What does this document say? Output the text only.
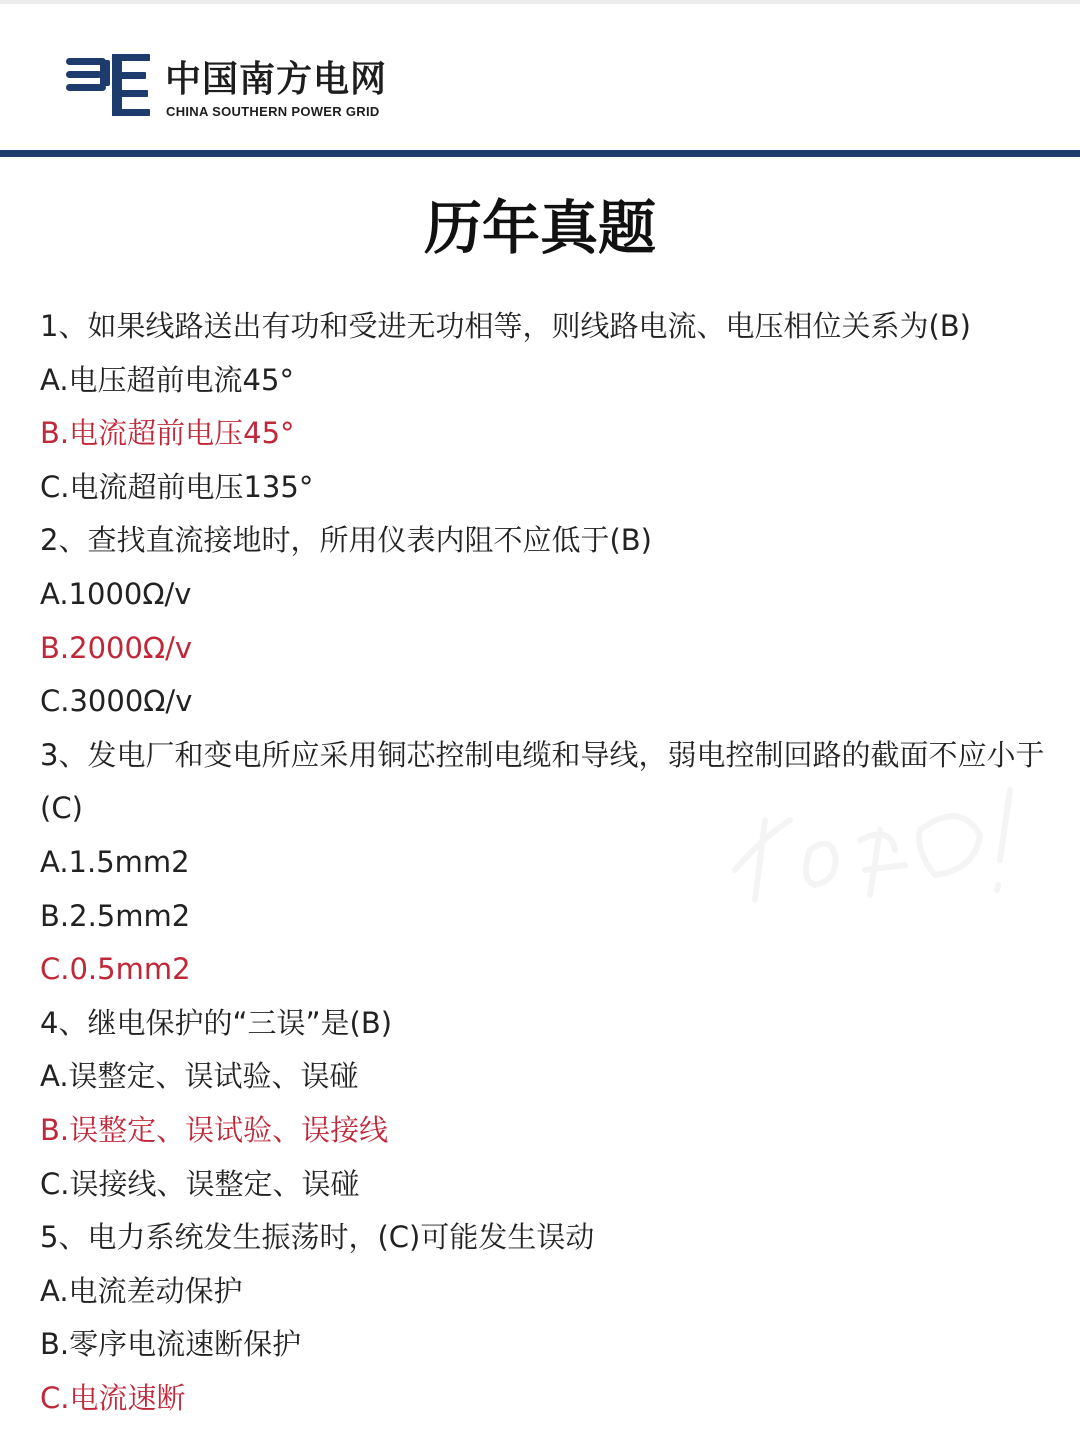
中国南方电网
CHINA SOUTHERN POWER GRID
历年真题
1、如果线路送出有功和受进无功相等，则线路电流、电压相位关系为(B)
A.电压超前电流45°
B.电流超前电压45°
C.电流超前电压135°
2、查找直流接地时，所用仪表内阻不应低于(B)
A.1000Ω/v
B.2000Ω/v
C.3000Ω/v
3、发电厂和变电所应采用铜芯控制电缆和导线，弱电控制回路的截面不应小于(C)
A.1.5mm2
B.2.5mm2
C.0.5mm2
4、继电保护的“三误”是(B)
A.误整定、误试验、误碰
B.误整定、误试验、误接线
C.误接线、误整定、误碰
5、电力系统发生振荡时，(C)可能发生误动
A.电流差动保护
B.零序电流速断保护
C.电流速断
